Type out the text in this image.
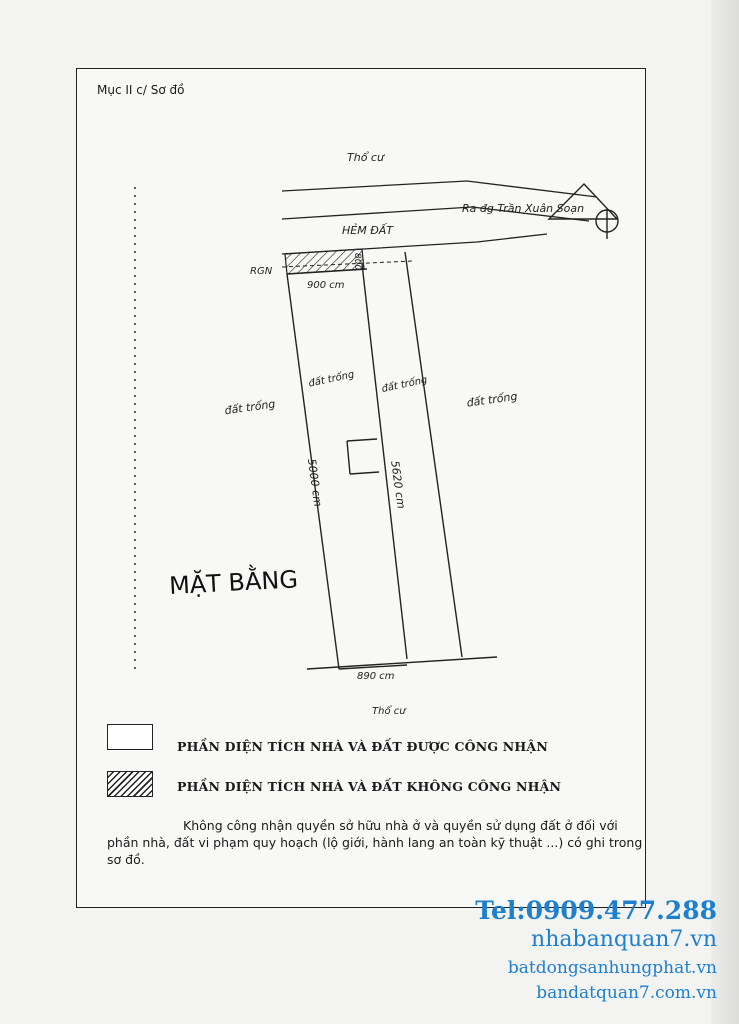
Mục II c/ Sơ đồ
Thổ cư
HẺM ĐẤT
Ra đg Trần Xuân Soạn
RGN
900 cm
800
5000 cm	5620 cm
890 cm
đất trống	đất trống
đất trống	đất trống
Thổ cư
MẶT BẰNG
PHẦN DIỆN TÍCH NHÀ VÀ ĐẤT ĐƯỢC CÔNG NHẬN
PHẦN DIỆN TÍCH NHÀ VÀ ĐẤT KHÔNG CÔNG NHẬN
Không công nhận quyền sở hữu nhà ở và quyền sử dụng đất ở đối với phần nhà, đất vi phạm quy hoạch (lộ giới, hành lang an toàn kỹ thuật ...) có ghi trong sơ đồ.
Tel:0909.477.288
nhabanquan7.vn
batdongsanhungphat.vn
bandatquan7.com.vn
